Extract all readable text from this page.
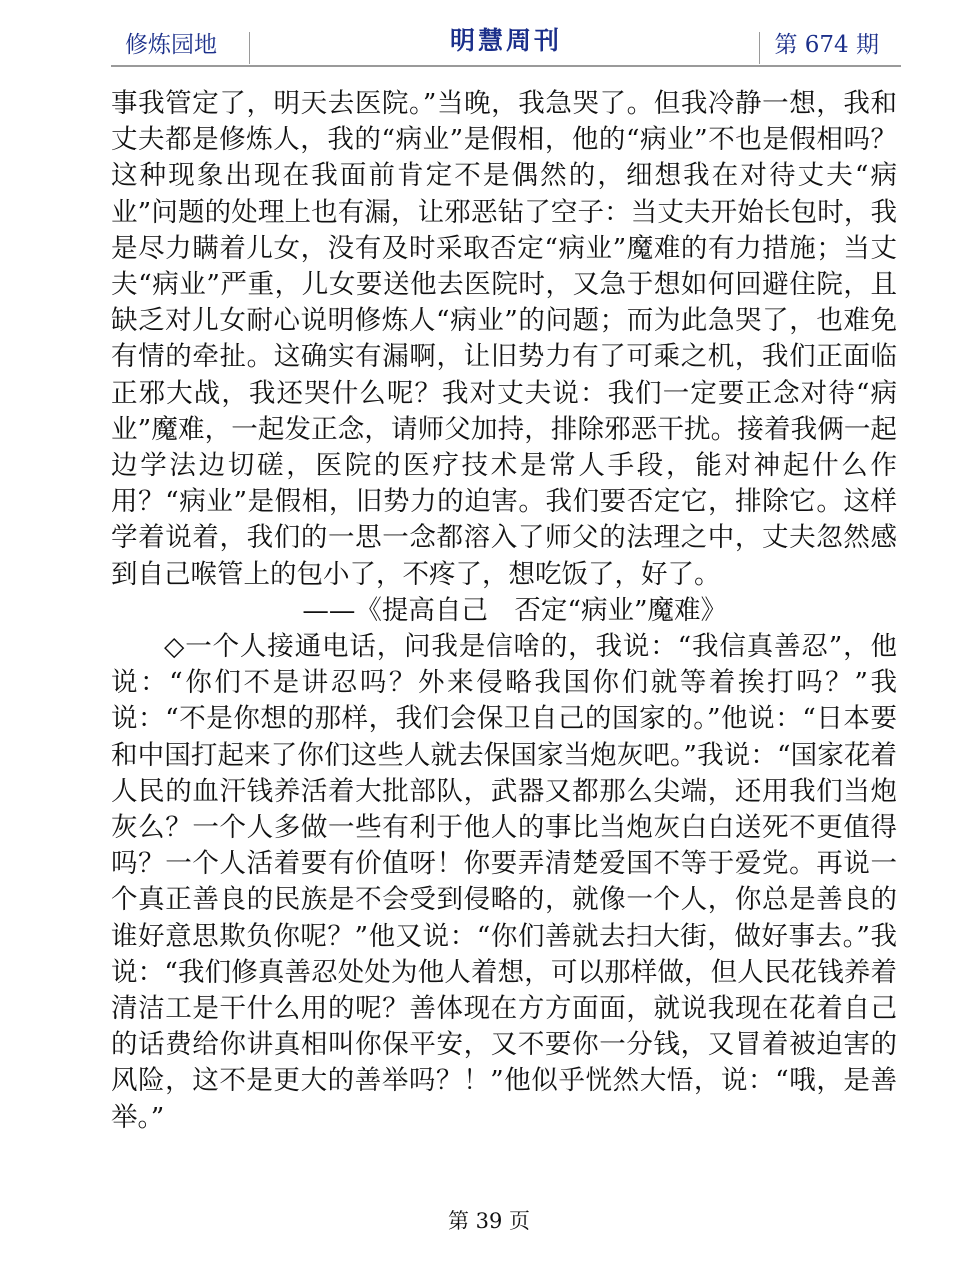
修炼园地	明慧周刊	第 674 期

事我管定了，明天去医院。”当晚，我急哭了。但我冷静一想，我和丈夫都是修炼人，我的“病业”是假相，他的“病业”不也是假相吗？这种现象出现在我面前肯定不是偶然的，细想我在对待丈夫“病业”问题的处理上也有漏，让邪恶钻了空子：当丈夫开始长包时，我是尽力瞒着儿女，没有及时采取否定“病业”魔难的有力措施；当丈夫“病业”严重，儿女要送他去医院时，又急于想如何回避住院，且缺乏对儿女耐心说明修炼人“病业”的问题；而为此急哭了，也难免有情的牵扯。这确实有漏啊，让旧势力有了可乘之机，我们正面临正邪大战，我还哭什么呢？我对丈夫说：我们一定要正念对待“病业”魔难，一起发正念，请师父加持，排除邪恶干扰。接着我俩一起边学法边切磋，医院的医疗技术是常人手段，能对神起什么作用？“病业”是假相，旧势力的迫害。我们要否定它，排除它。这样学着说着，我们的一思一念都溶入了师父的法理之中，丈夫忽然感到自己喉管上的包小了，不疼了，想吃饭了，好了。

——《提高自己　否定“病业”魔难》

◇一个人接通电话，问我是信啥的，我说：“我信真善忍”，他说：“你们不是讲忍吗？外来侵略我国你们就等着挨打吗？”我说：“不是你想的那样，我们会保卫自己的国家的。”他说：“日本要和中国打起来了你们这些人就去保国家当炮灰吧。”我说：“国家花着人民的血汗钱养活着大批部队，武器又都那么尖端，还用我们当炮灰么？一个人多做一些有利于他人的事比当炮灰白白送死不更值得吗？一个人活着要有价值呀！你要弄清楚爱国不等于爱党。再说一个真正善良的民族是不会受到侵略的，就像一个人，你总是善良的谁好意思欺负你呢？”他又说：“你们善就去扫大街，做好事去。”我说：“我们修真善忍处处为他人着想，可以那样做，但人民花钱养着清洁工是干什么用的呢？善体现在方方面面，就说我现在花着自己的话费给你讲真相叫你保平安，又不要你一分钱，又冒着被迫害的风险，这不是更大的善举吗？！”他似乎恍然大悟，说：“哦，是善举。”

第 39 页
